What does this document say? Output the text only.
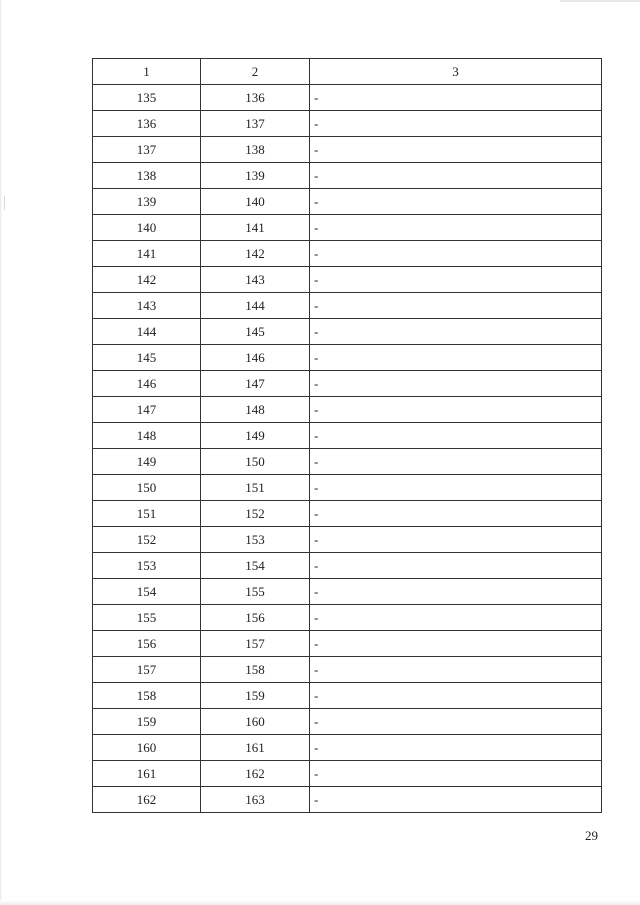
1	2	3
135	136	-
136	137	-
137	138	-
138	139	-
139	140	-
140	141	-
141	142	-
142	143	-
143	144	-
144	145	-
145	146	-
146	147	-
147	148	-
148	149	-
149	150	-
150	151	-
151	152	-
152	153	-
153	154	-
154	155	-
155	156	-
156	157	-
157	158	-
158	159	-
159	160	-
160	161	-
161	162	-
162	163	-
29
